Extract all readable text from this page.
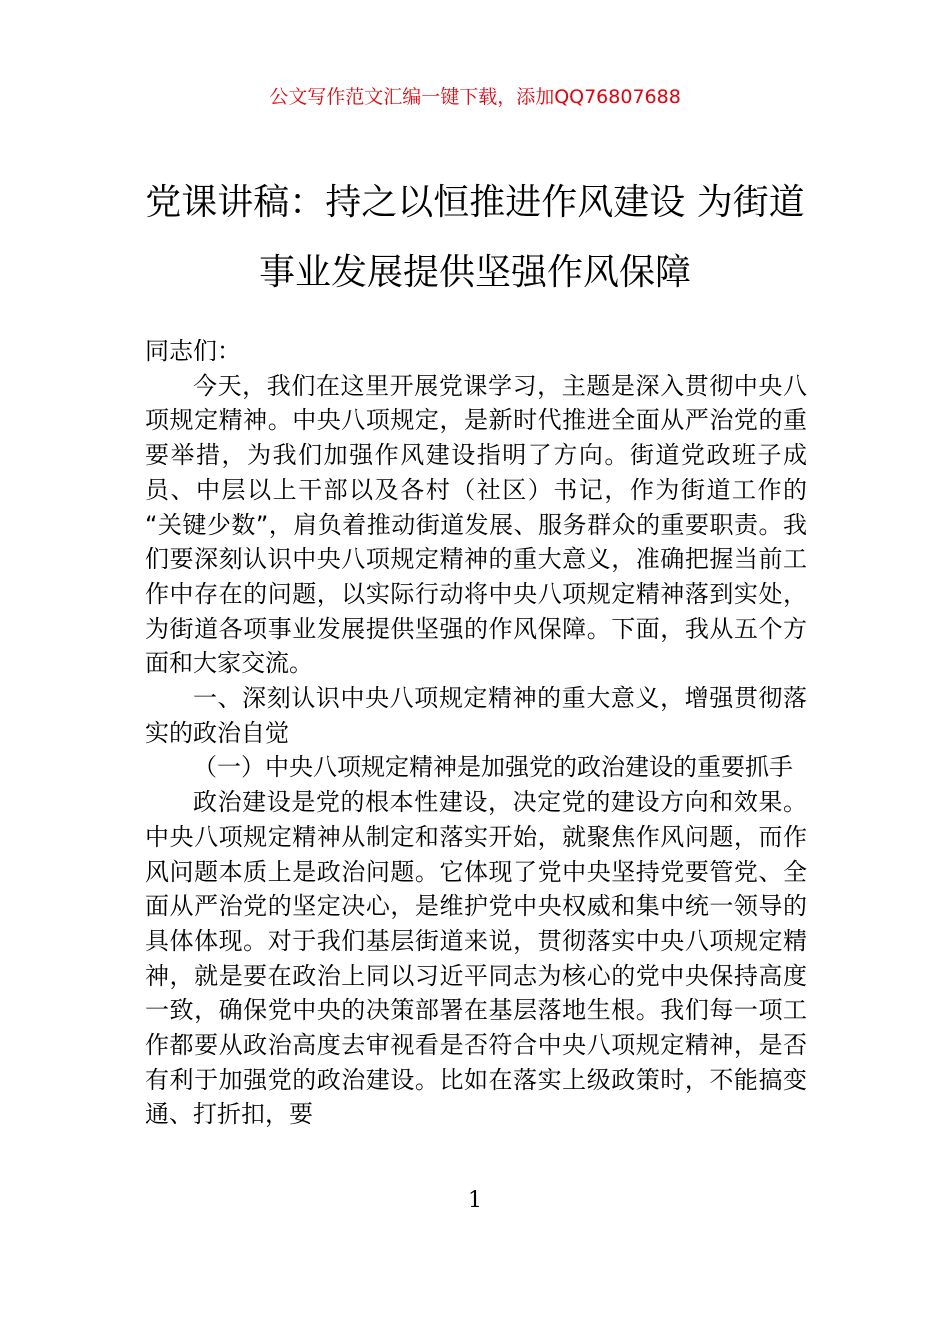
公文写作范文汇编一键下载，添加QQ76807688
党课讲稿：持之以恒推进作风建设 为街道
事业发展提供坚强作风保障

同志们：

今天，我们在这里开展党课学习，主题是深入贯彻中央八项规定精神。中央八项规定，是新时代推进全面从严治党的重要举措，为我们加强作风建设指明了方向。街道党政班子成员、中层以上干部以及各村（社区）书记，作为街道工作的 “关键少数”，肩负着推动街道发展、服务群众的重要职责。我们要深刻认识中央八项规定精神的重大意义，准确把握当前工作中存在的问题，以实际行动将中央八项规定精神落到实处，为街道各项事业发展提供坚强的作风保障。下面，我从五个方面和大家交流。

一、深刻认识中央八项规定精神的重大意义，增强贯彻落实的政治自觉

（一）中央八项规定精神是加强党的政治建设的重要抓手

政治建设是党的根本性建设，决定党的建设方向和效果。中央八项规定精神从制定和落实开始，就聚焦作风问题，而作风问题本质上是政治问题。它体现了党中央坚持党要管党、全面从严治党的坚定决心，是维护党中央权威和集中统一领导的具体体现。对于我们基层街道来说，贯彻落实中央八项规定精神，就是要在政治上同以习近平同志为核心的党中央保持高度一致，确保党中央的决策部署在基层落地生根。我们每一项工作都要从政治高度去审视看是否符合中央八项规定精神，是否有利于加强党的政治建设。比如在落实上级政策时，不能搞变通、打折扣，要

1
